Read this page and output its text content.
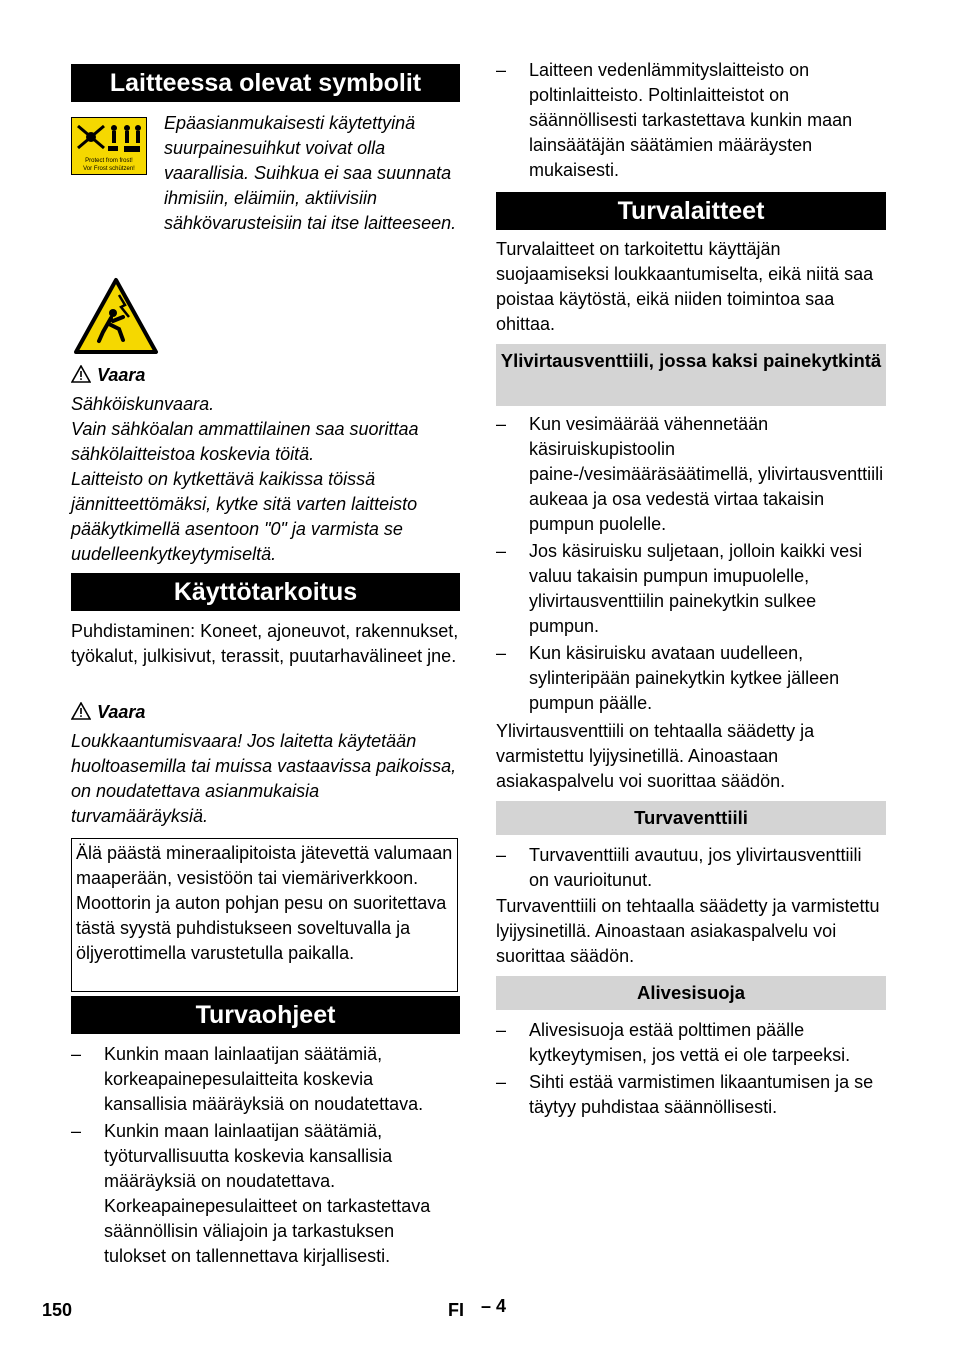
Laitteessa olevat symbolit
Protect from frost!
Vor Frost schützen!

Epäasianmukaisesti käytettyinä suurpainesuihkut voivat olla vaarallisia. Suihkua ei saa suunnata ihmisiin, eläimiin, aktiivisiin sähkövarusteisiin tai itse laitteeseen.

Vaara

Sähköiskunvaara.
Vain sähköalan ammattilainen saa suorittaa sähkölaitteistoa koskevia töitä.
Laitteisto on kytkettävä kaikissa töissä jännitteettömäksi, kytke sitä varten laitteisto pääkytkimellä asentoon "0" ja varmista se uudelleenkytkeytymiseltä.

Käyttötarkoitus

Puhdistaminen: Koneet, ajoneuvot, rakennukset, työkalut, julkisivut, terassit, puutarhavälineet jne.

Vaara

Loukkaantumisvaara! Jos laitetta käytetään huoltoasemilla tai muissa vastaavissa paikoissa, on noudatettava asianmukaisia turvamääräyksiä.

Älä päästä mineraalipitoista jätevettä valumaan maaperään, vesistöön tai viemäriverkkoon. Moottorin ja auton pohjan pesu on suoritettava tästä syystä puhdistukseen soveltuvalla ja öljyerottimella varustetulla paikalla.
Turvaohjeet
– Kunkin maan lainlaatijan säätämiä, korkeapainepesulaitteita koskevia kansallisia määräyksiä on noudatettava.
– Kunkin maan lainlaatijan säätämiä, työturvallisuutta koskevia kansallisia määräyksiä on noudatettava. Korkeapainepesulaitteet on tarkastettava säännöllisin väliajoin ja tarkastuksen tulokset on tallennettava kirjallisesti.
– Laitteen vedenlämmityslaitteisto on poltinlaitteisto. Poltinlaitteistot on säännöllisesti tarkastettava kunkin maan lainsäätäjän säätämien määräysten mukaisesti.
Turvalaitteet

Turvalaitteet on tarkoitettu käyttäjän suojaamiseksi loukkaantumiselta, eikä niitä saa poistaa käytöstä, eikä niiden toimintoa saa ohittaa.

Ylivirtausventtiili, jossa kaksi painekytkintä
– Kun vesimäärää vähennetään käsiruiskupistoolin paine-/vesimääräsäätimellä, ylivirtausventtiili aukeaa ja osa vedestä virtaa takaisin pumpun puolelle.
– Jos käsiruisku suljetaan, jolloin kaikki vesi valuu takaisin pumpun imupuolelle, ylivirtausventtiilin painekytkin sulkee pumpun.
– Kun käsiruisku avataan uudelleen, sylinteripään painekytkin kytkee jälleen pumpun päälle.

Ylivirtausventtiili on tehtaalla säädetty ja varmistettu lyijysinetillä. Ainoastaan asiakaspalvelu voi suorittaa säädön.

Turvaventtiili
– Turvaventtiili avautuu, jos ylivirtausventtiili on vaurioitunut.

Turvaventtiili on tehtaalla säädetty ja varmistettu lyijysinetillä. Ainoastaan asiakaspalvelu voi suorittaa säädön.

Alivesisuoja
– Alivesisuoja estää polttimen päälle kytkeytymisen, jos vettä ei ole tarpeeksi.
– Sihti estää varmistimen likaantumisen ja se täytyy puhdistaa säännöllisesti.
150	FI – 4
